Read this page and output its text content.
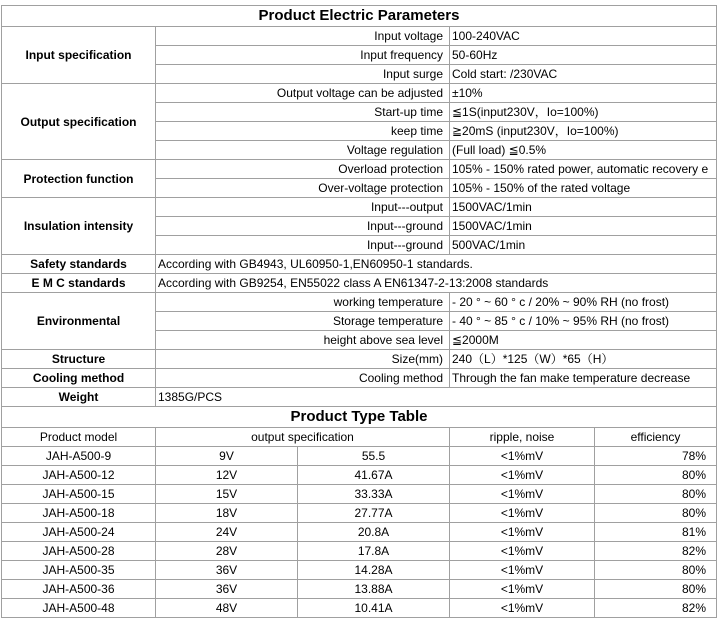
Product Electric Parameters				
Input specification	Input voltage		100-240VAC	
	Input frequency		50-60Hz	
	Input surge		Cold start: /230VAC	
Output specification	Output voltage can be adjusted		±10%	
	Start-up time		≦1S(input230V，Io=100%)	
	keep time		≧20mS (input230V，Io=100%)	
	Voltage regulation		(Full load) ≦0.5%	
Protection function	Overload protection		105% - 150% rated power, automatic recovery e	
	Over-voltage protection		105% - 150% of the rated voltage	
Insulation intensity	Input---output		1500VAC/1min	
	Input---ground		1500VAC/1min	
	Input---ground		500VAC/1min	
Safety standards	According with GB4943, UL60950-1,EN60950-1 standards.			
E M C standards	According with GB9254, EN55022 class A EN61347-2-13:2008 standards			
Environmental	working temperature		- 20 ° ~ 60 ° c / 20% ~ 90% RH (no frost)	
	Storage temperature		- 40 ° ~ 85 ° c / 10% ~ 95% RH (no frost)	
	height above sea level		≦2000M	
Structure	Size(mm)		240（L）*125（W）*65（H）	
Cooling method	Cooling method		Through the fan make temperature decrease	
Weight	1385G/PCS			
Product Type Table				
Product model	output specification		ripple, noise	efficiency
JAH-A500-9	9V	55.5	<1%mV	78%
JAH-A500-12	12V	41.67A	<1%mV	80%
JAH-A500-15	15V	33.33A	<1%mV	80%
JAH-A500-18	18V	27.77A	<1%mV	80%
JAH-A500-24	24V	20.8A	<1%mV	81%
JAH-A500-28	28V	17.8A	<1%mV	82%
JAH-A500-35	36V	14.28A	<1%mV	80%
JAH-A500-36	36V	13.88A	<1%mV	80%
JAH-A500-48	48V	10.41A	<1%mV	82%
